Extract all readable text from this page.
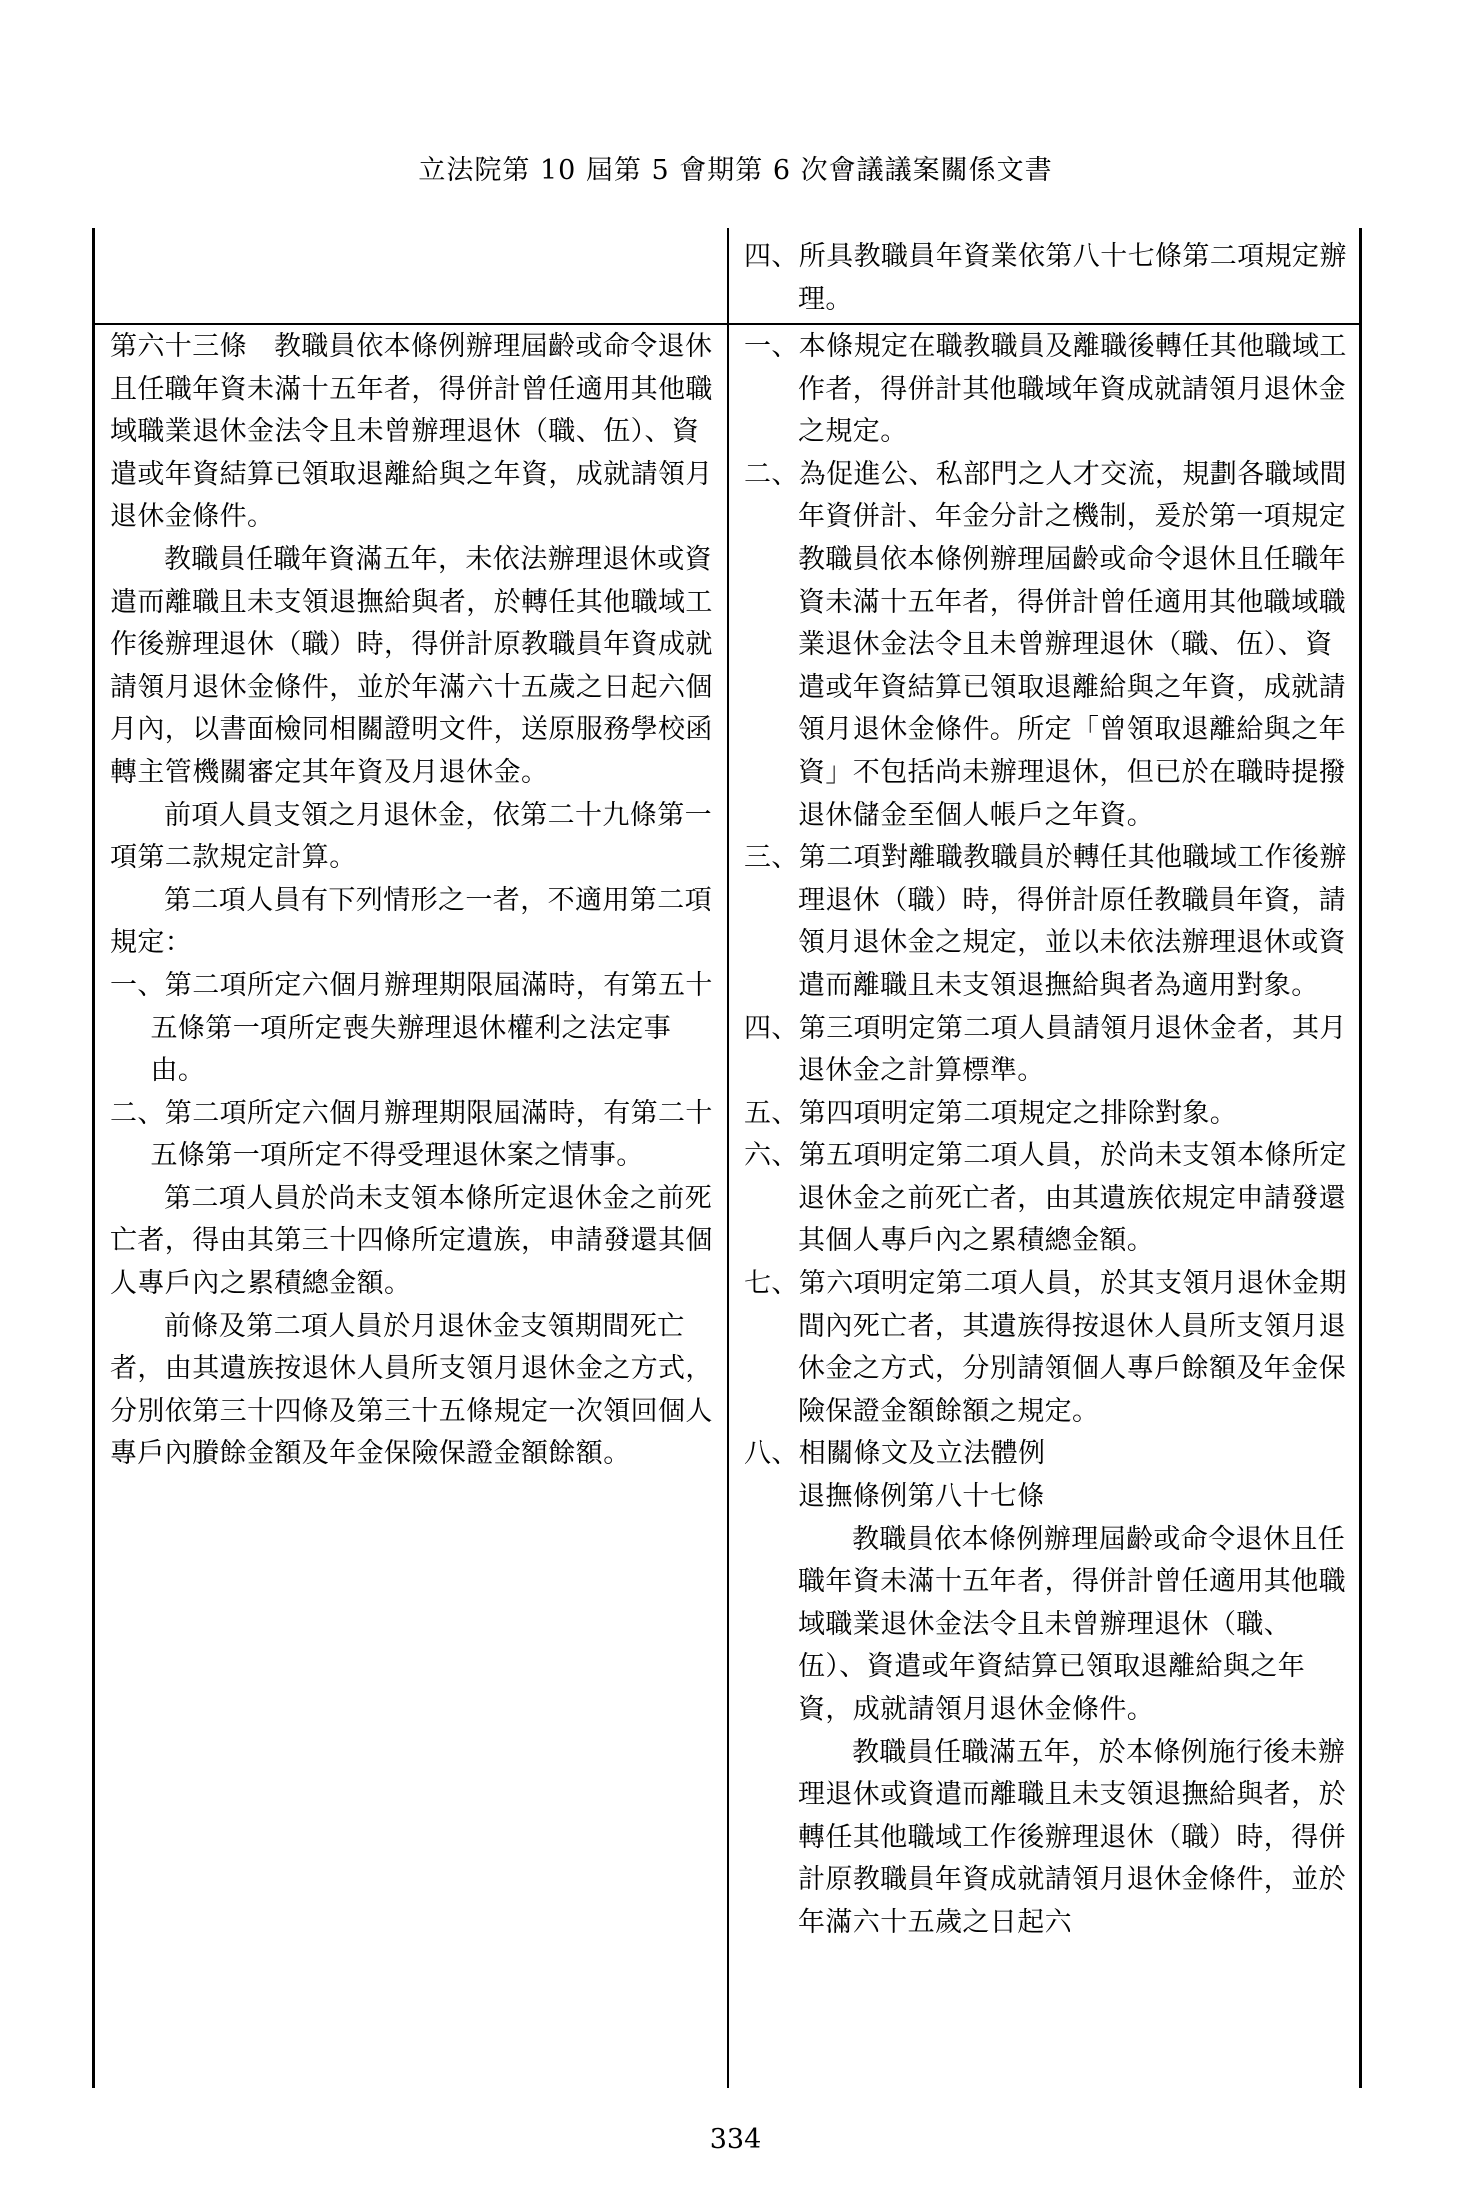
立法院第 10 屆第 5 會期第 6 次會議議案關係文書

四、所具教職員年資業依第八十七條第二項規定辦理。

第六十三條 教職員依本條例辦理屆齡或命令退休且任職年資未滿十五年者，得併計曾任適用其他職域職業退休金法令且未曾辦理退休（職、伍）、資遣或年資結算已領取退離給與之年資，成就請領月退休金條件。

教職員任職年資滿五年，未依法辦理退休或資遣而離職且未支領退撫給與者，於轉任其他職域工作後辦理退休（職）時，得併計原教職員年資成就請領月退休金條件，並於年滿六十五歲之日起六個月內，以書面檢同相關證明文件，送原服務學校函轉主管機關審定其年資及月退休金。

前項人員支領之月退休金，依第二十九條第一項第二款規定計算。

第二項人員有下列情形之一者，不適用第二項規定：

一、第二項所定六個月辦理期限屆滿時，有第五十五條第一項所定喪失辦理退休權利之法定事由。

二、第二項所定六個月辦理期限屆滿時，有第二十五條第一項所定不得受理退休案之情事。

第二項人員於尚未支領本條所定退休金之前死亡者，得由其第三十四條所定遺族，申請發還其個人專戶內之累積總金額。

前條及第二項人員於月退休金支領期間死亡者，由其遺族按退休人員所支領月退休金之方式，分別依第三十四條及第三十五條規定一次領回個人專戶內賸餘金額及年金保險保證金額餘額。

一、本條規定在職教職員及離職後轉任其他職域工作者，得併計其他職域年資成就請領月退休金之規定。

二、為促進公、私部門之人才交流，規劃各職域間年資併計、年金分計之機制，爰於第一項規定教職員依本條例辦理屆齡或命令退休且任職年資未滿十五年者，得併計曾任適用其他職域職業退休金法令且未曾辦理退休（職、伍）、資遣或年資結算已領取退離給與之年資，成就請領月退休金條件。所定「曾領取退離給與之年資」不包括尚未辦理退休，但已於在職時提撥退休儲金至個人帳戶之年資。

三、第二項對離職教職員於轉任其他職域工作後辦理退休（職）時，得併計原任教職員年資，請領月退休金之規定，並以未依法辦理退休或資遣而離職且未支領退撫給與者為適用對象。

四、第三項明定第二項人員請領月退休金者，其月退休金之計算標準。

五、第四項明定第二項規定之排除對象。

六、第五項明定第二項人員，於尚未支領本條所定退休金之前死亡者，由其遺族依規定申請發還其個人專戶內之累積總金額。

七、第六項明定第二項人員，於其支領月退休金期間內死亡者，其遺族得按退休人員所支領月退休金之方式，分別請領個人專戶餘額及年金保險保證金額餘額之規定。

八、相關條文及立法體例

退撫條例第八十七條

教職員依本條例辦理屆齡或命令退休且任職年資未滿十五年者，得併計曾任適用其他職域職業退休金法令且未曾辦理退休（職、伍）、資遣或年資結算已領取退離給與之年資，成就請領月退休金條件。

教職員任職滿五年，於本條例施行後未辦理退休或資遣而離職且未支領退撫給與者，於轉任其他職域工作後辦理退休（職）時，得併計原教職員年資成就請領月退休金條件，並於年滿六十五歲之日起六

334
